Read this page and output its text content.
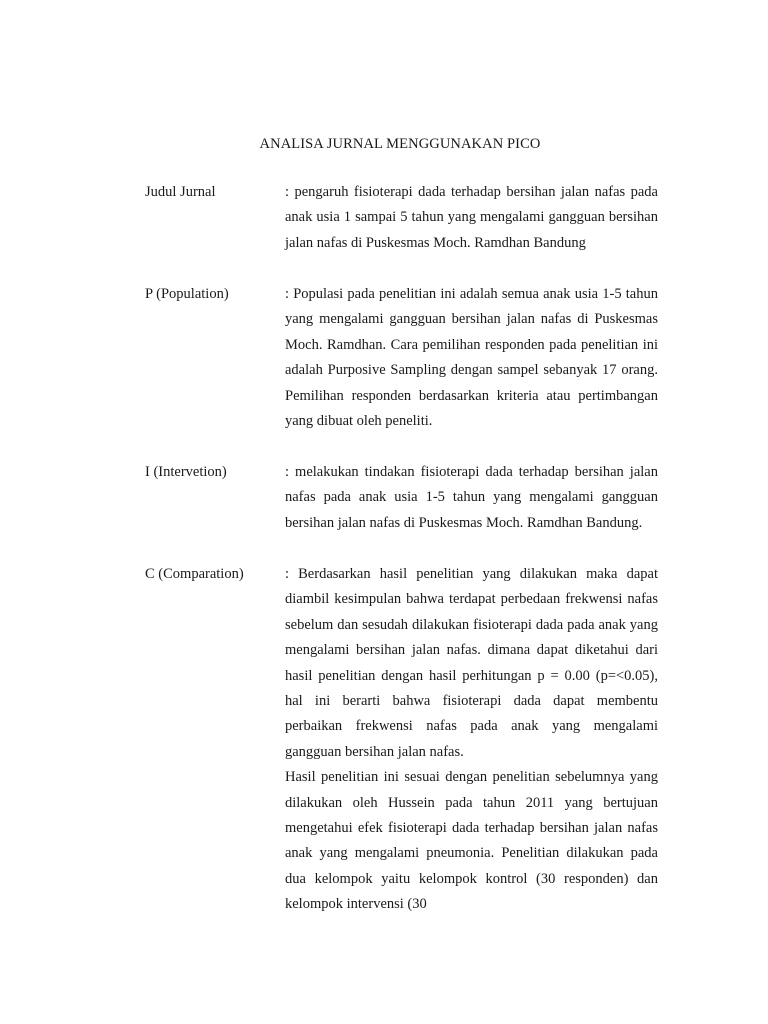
ANALISA JURNAL MENGGUNAKAN PICO
Judul Jurnal	: pengaruh fisioterapi dada terhadap bersihan jalan nafas pada anak usia 1 sampai 5 tahun yang mengalami gangguan bersihan jalan nafas di Puskesmas Moch. Ramdhan Bandung

P (Population)	: Populasi pada penelitian ini adalah semua anak usia 1-5 tahun yang mengalami gangguan bersihan jalan nafas di Puskesmas Moch. Ramdhan. Cara pemilihan responden pada penelitian ini adalah Purposive Sampling dengan sampel sebanyak 17 orang. Pemilihan responden berdasarkan kriteria atau pertimbangan yang dibuat oleh peneliti.

I (Intervetion)	: melakukan tindakan fisioterapi dada terhadap bersihan jalan nafas pada anak usia 1-5 tahun yang mengalami gangguan bersihan jalan nafas di Puskesmas Moch. Ramdhan Bandung.

C (Comparation)	: Berdasarkan hasil penelitian yang dilakukan maka dapat diambil kesimpulan bahwa terdapat perbedaan frekwensi nafas sebelum dan sesudah dilakukan fisioterapi dada pada anak yang mengalami bersihan jalan nafas. dimana dapat diketahui dari hasil penelitian dengan hasil perhitungan p = 0.00 (p=<0.05), hal ini berarti bahwa fisioterapi dada dapat membentu perbaikan frekwensi nafas pada anak yang mengalami gangguan bersihan jalan nafas.

Hasil penelitian ini sesuai dengan penelitian sebelumnya yang dilakukan oleh Hussein pada tahun 2011 yang bertujuan mengetahui efek fisioterapi dada terhadap bersihan jalan nafas anak yang mengalami pneumonia. Penelitian dilakukan pada dua kelompok yaitu kelompok kontrol (30 responden) dan kelompok intervensi (30
